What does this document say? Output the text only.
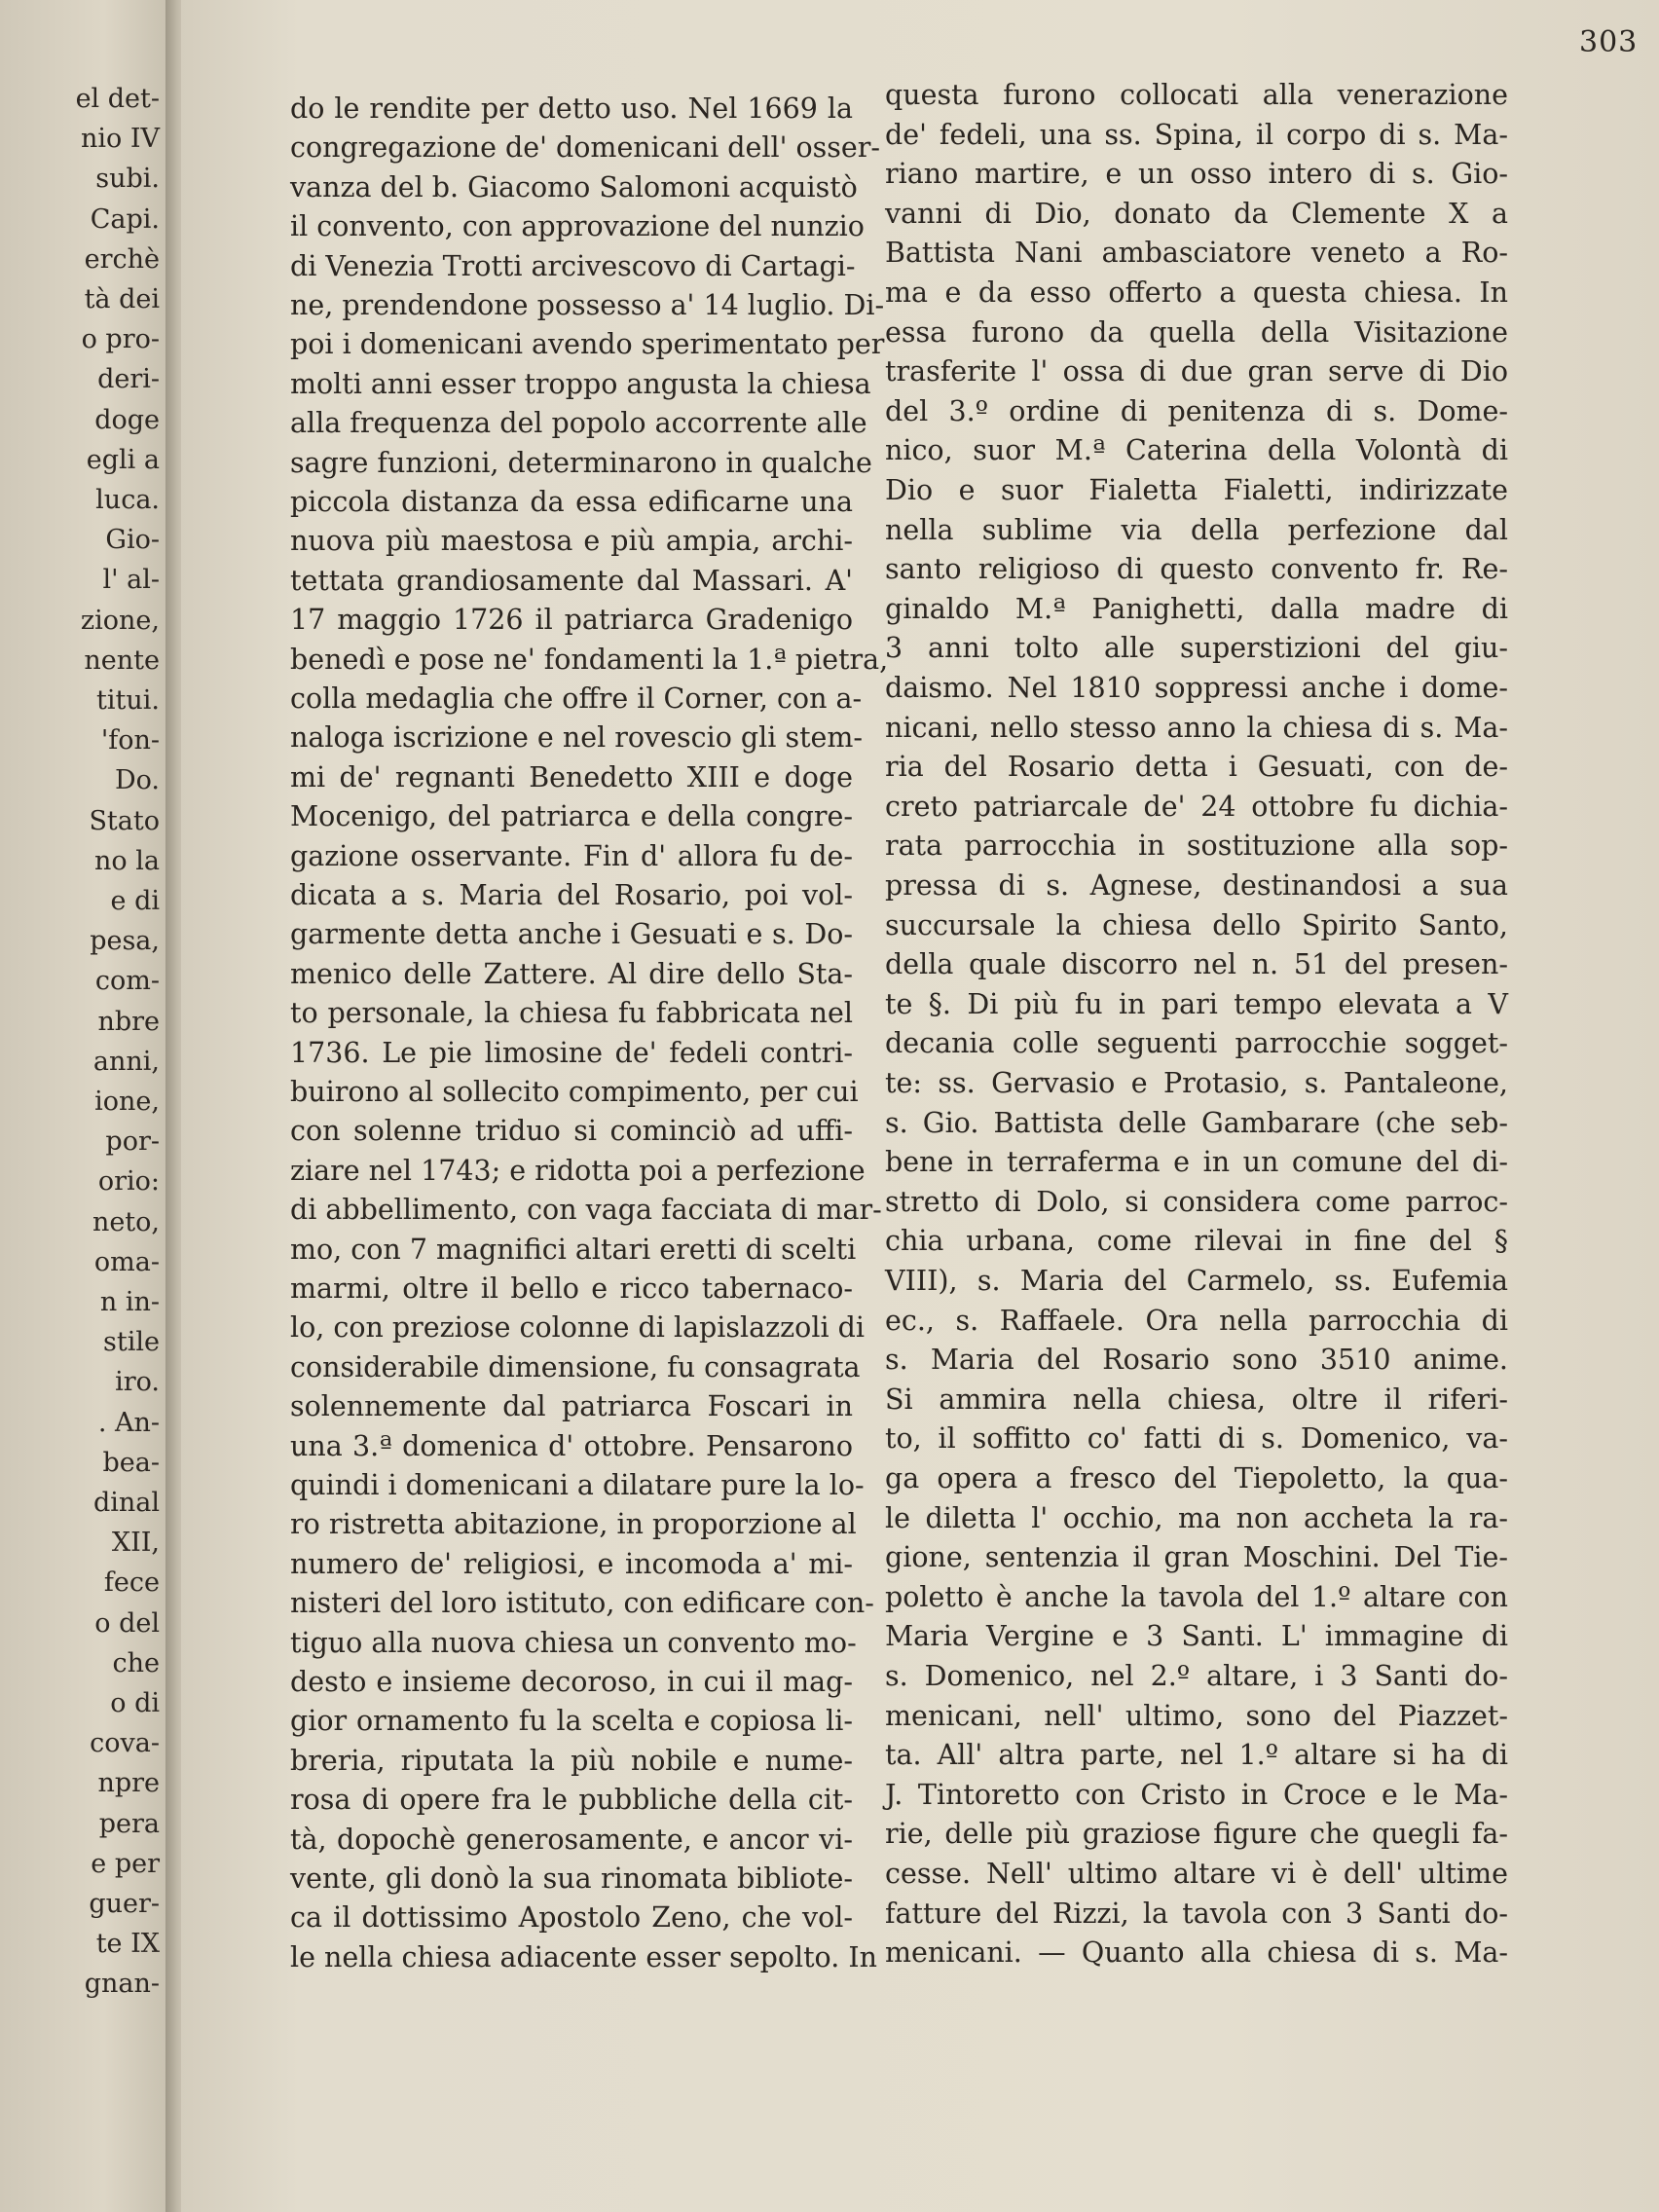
el det-
nio IV
subi.
Capi.
erchè
tà dei
o pro-
deri-
doge
egli a
luca.
Gio-
l' al-
zione,
nente
titui.
'fon-
Do.
Stato
no la
e di
pesa,
com-
nbre
anni,
ione,
por-
orio:
neto,
oma-
n in-
stile
iro.
. An-
bea-
dinal
XII,
fece
o del
che
o di
cova-
npre
pera
e per
guer-
te IX
gnan-
303
do le rendite per detto uso. Nel 1669 la
congregazione de' domenicani dell' osser-
vanza del b. Giacomo Salomoni acquistò
il convento, con approvazione del nunzio
di Venezia Trotti arcivescovo di Cartagi-
ne, prendendone possesso a' 14 luglio. Di-
poi i domenicani avendo sperimentato per
molti anni esser troppo angusta la chiesa
alla frequenza del popolo accorrente alle
sagre funzioni, determinarono in qualche
piccola distanza da essa edificarne una
nuova più maestosa e più ampia, archi-
tettata grandiosamente dal Massari. A'
17 maggio 1726 il patriarca Gradenigo
benedì e pose ne' fondamenti la 1.ª pietra,
colla medaglia che offre il Corner, con a-
naloga iscrizione e nel rovescio gli stem-
mi de' regnanti Benedetto XIII e doge
Mocenigo, del patriarca e della congre-
gazione osservante. Fin d' allora fu de-
dicata a s. Maria del Rosario, poi vol-
garmente detta anche i Gesuati e s. Do-
menico delle Zattere. Al dire dello Sta-
to personale, la chiesa fu fabbricata nel
1736. Le pie limosine de' fedeli contri-
buirono al sollecito compimento, per cui
con solenne triduo si cominciò ad uffi-
ziare nel 1743; e ridotta poi a perfezione
di abbellimento, con vaga facciata di mar-
mo, con 7 magnifici altari eretti di scelti
marmi, oltre il bello e ricco tabernaco-
lo, con preziose colonne di lapislazzoli di
considerabile dimensione, fu consagrata
solennemente dal patriarca Foscari in
una 3.ª domenica d' ottobre. Pensarono
quindi i domenicani a dilatare pure la lo-
ro ristretta abitazione, in proporzione al
numero de' religiosi, e incomoda a' mi-
nisteri del loro istituto, con edificare con-
tiguo alla nuova chiesa un convento mo-
desto e insieme decoroso, in cui il mag-
gior ornamento fu la scelta e copiosa li-
breria, riputata la più nobile e nume-
rosa di opere fra le pubbliche della cit-
tà, dopochè generosamente, e ancor vi-
vente, gli donò la sua rinomata bibliote-
ca il dottissimo Apostolo Zeno, che vol-
le nella chiesa adiacente esser sepolto. In
questa furono collocati alla venerazione
de' fedeli, una ss. Spina, il corpo di s. Ma-
riano martire, e un osso intero di s. Gio-
vanni di Dio, donato da Clemente X a
Battista Nani ambasciatore veneto a Ro-
ma e da esso offerto a questa chiesa. In
essa furono da quella della Visitazione
trasferite l' ossa di due gran serve di Dio
del 3.º ordine di penitenza di s. Dome-
nico, suor M.ª Caterina della Volontà di
Dio e suor Fialetta Fialetti, indirizzate
nella sublime via della perfezione dal
santo religioso di questo convento fr. Re-
ginaldo M.ª Panighetti, dalla madre di
3 anni tolto alle superstizioni del giu-
daismo. Nel 1810 soppressi anche i dome-
nicani, nello stesso anno la chiesa di s. Ma-
ria del Rosario detta i Gesuati, con de-
creto patriarcale de' 24 ottobre fu dichia-
rata parrocchia in sostituzione alla sop-
pressa di s. Agnese, destinandosi a sua
succursale la chiesa dello Spirito Santo,
della quale discorro nel n. 51 del presen-
te §. Di più fu in pari tempo elevata a V
decania colle seguenti parrocchie sogget-
te: ss. Gervasio e Protasio, s. Pantaleone,
s. Gio. Battista delle Gambarare (che seb-
bene in terraferma e in un comune del di-
stretto di Dolo, si considera come parroc-
chia urbana, come rilevai in fine del §
VIII), s. Maria del Carmelo, ss. Eufemia
ec., s. Raffaele. Ora nella parrocchia di
s. Maria del Rosario sono 3510 anime.
Si ammira nella chiesa, oltre il riferi-
to, il soffitto co' fatti di s. Domenico, va-
ga opera a fresco del Tiepoletto, la qua-
le diletta l' occhio, ma non accheta la ra-
gione, sentenzia il gran Moschini. Del Tie-
poletto è anche la tavola del 1.º altare con
Maria Vergine e 3 Santi. L' immagine di
s. Domenico, nel 2.º altare, i 3 Santi do-
menicani, nell' ultimo, sono del Piazzet-
ta. All' altra parte, nel 1.º altare si ha di
J. Tintoretto con Cristo in Croce e le Ma-
rie, delle più graziose figure che quegli fa-
cesse. Nell' ultimo altare vi è dell' ultime
fatture del Rizzi, la tavola con 3 Santi do-
menicani. — Quanto alla chiesa di s. Ma-
